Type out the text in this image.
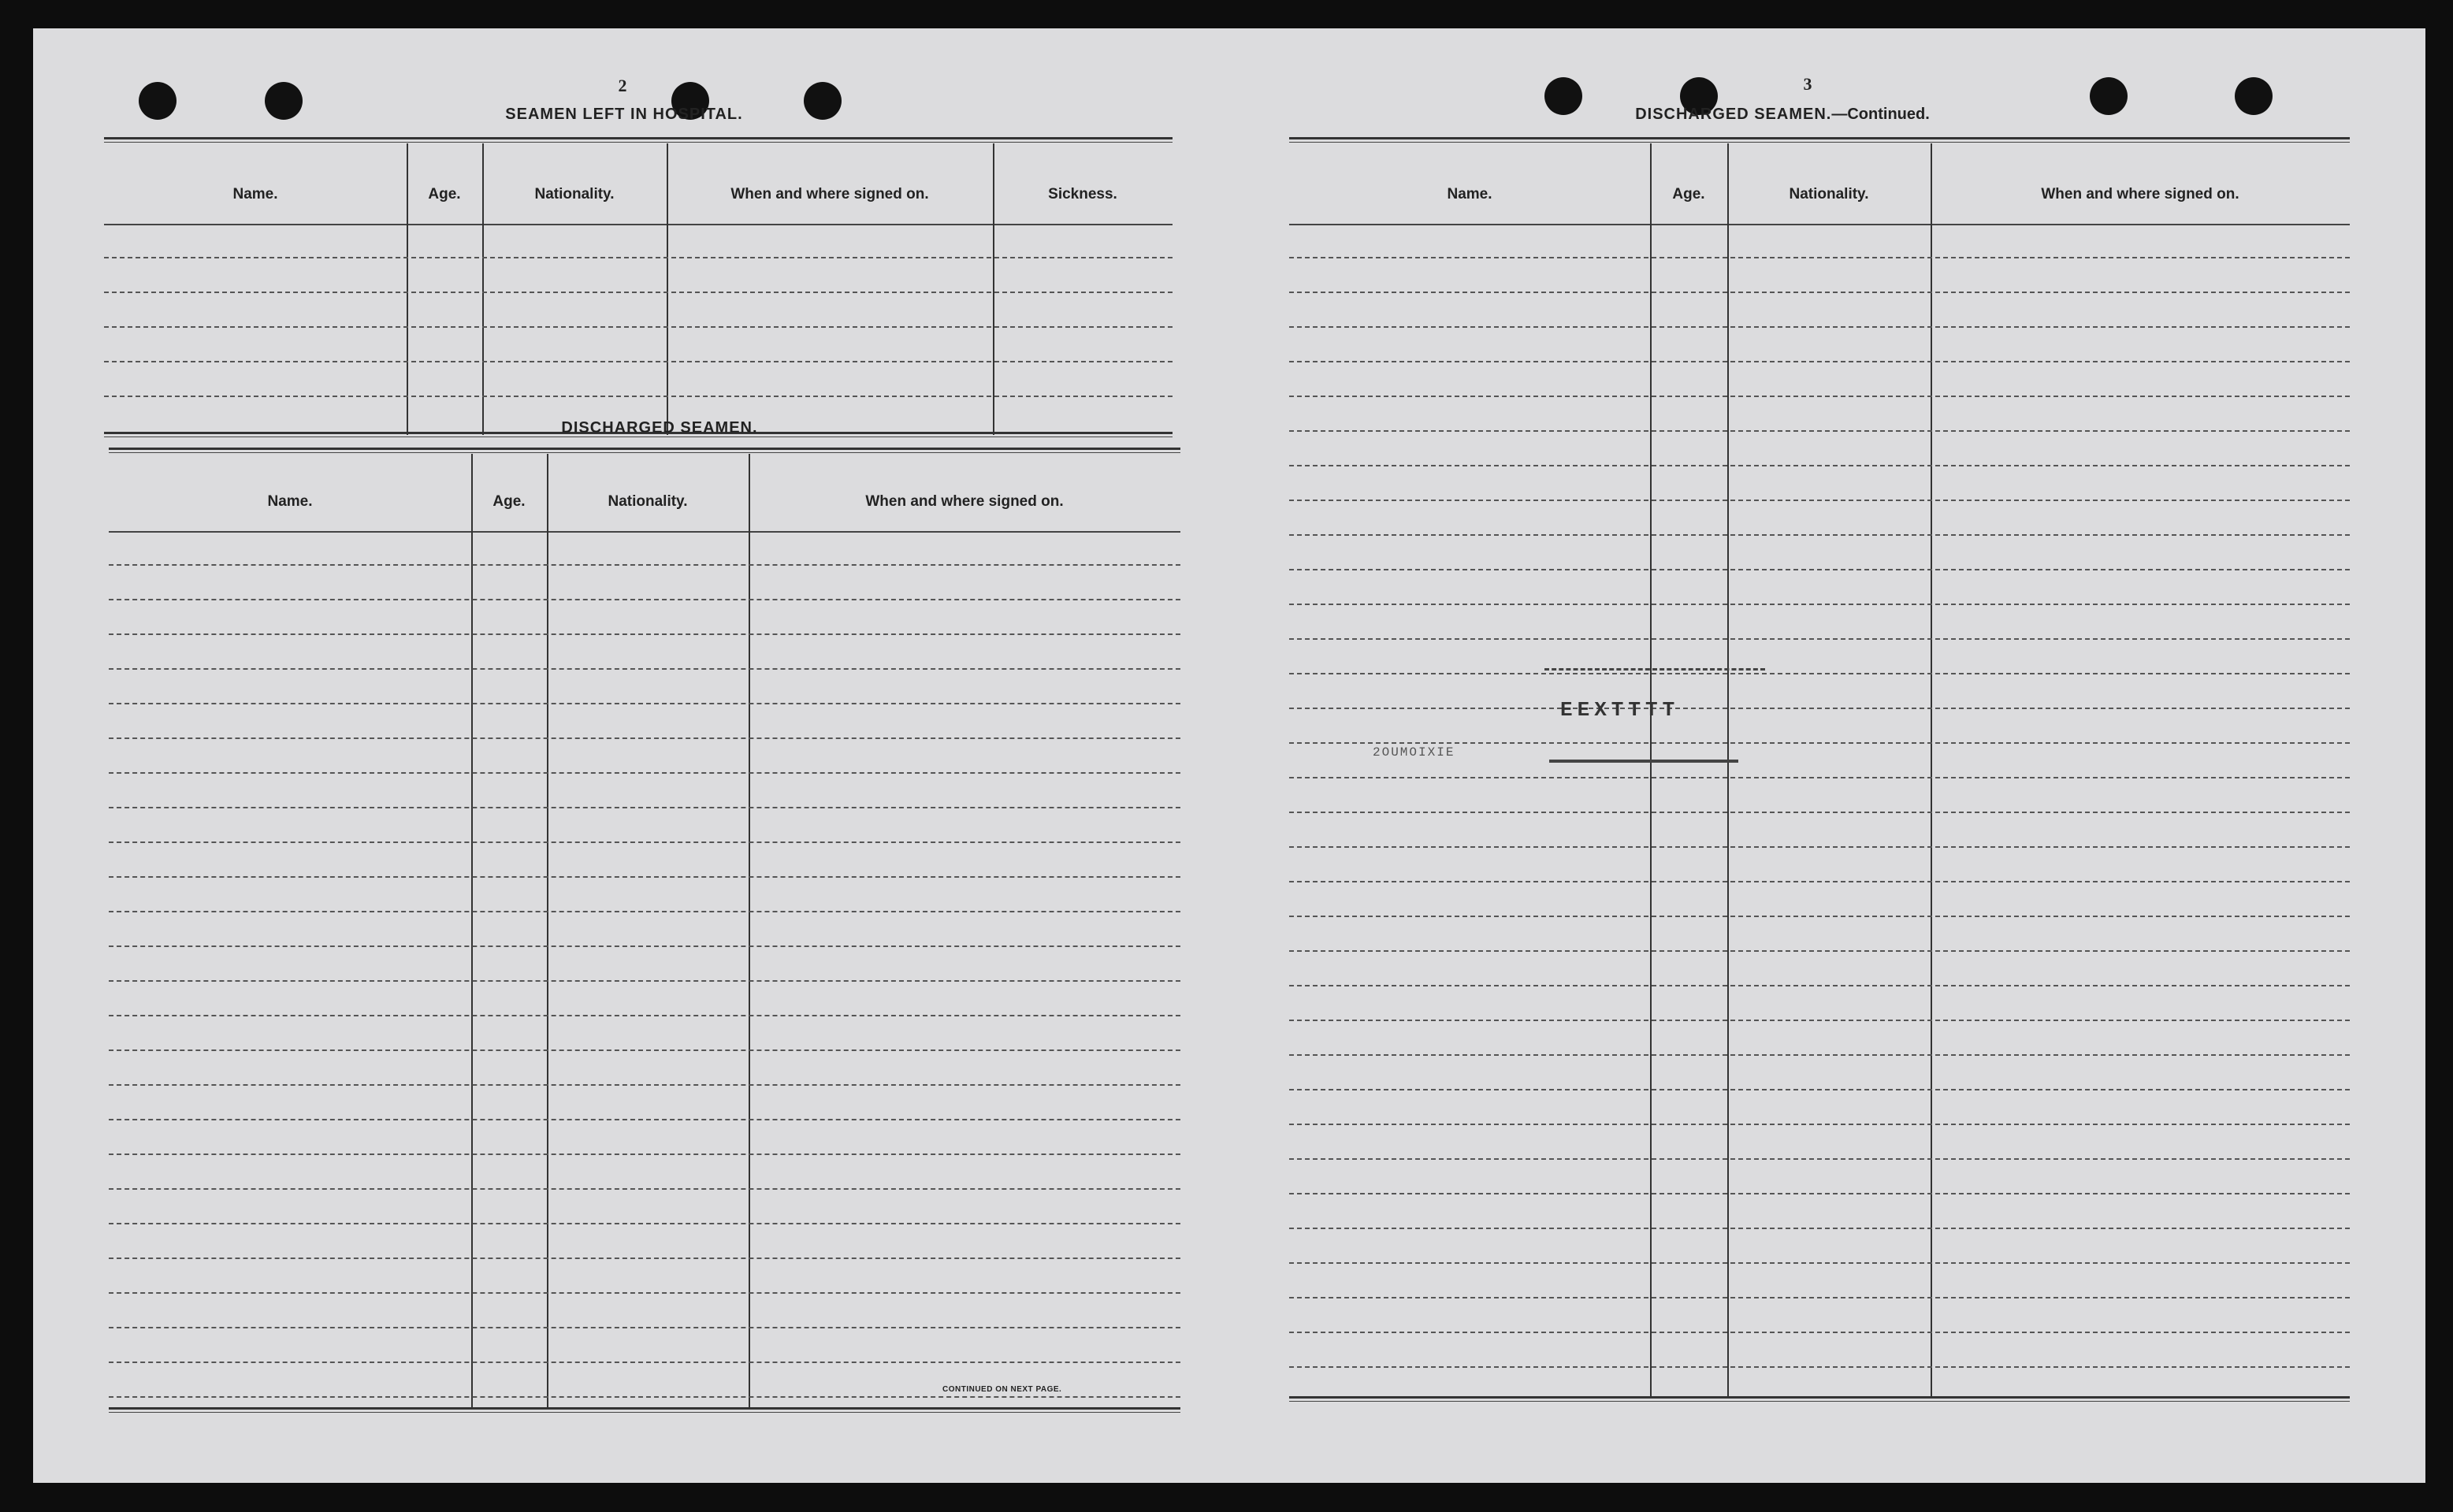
2
SEAMEN LEFT IN HOSPITAL.
Name.	Age.	Nationality.	When and where signed on.	Sickness.
DISCHARGED SEAMEN.
Name.	Age.	Nationality.	When and where signed on.
CONTINUED ON NEXT PAGE.
3
DISCHARGED SEAMEN.—Continued.
Name.	Age.	Nationality.	When and where signed on.
EEXTTTT
2OUMOIXIE
